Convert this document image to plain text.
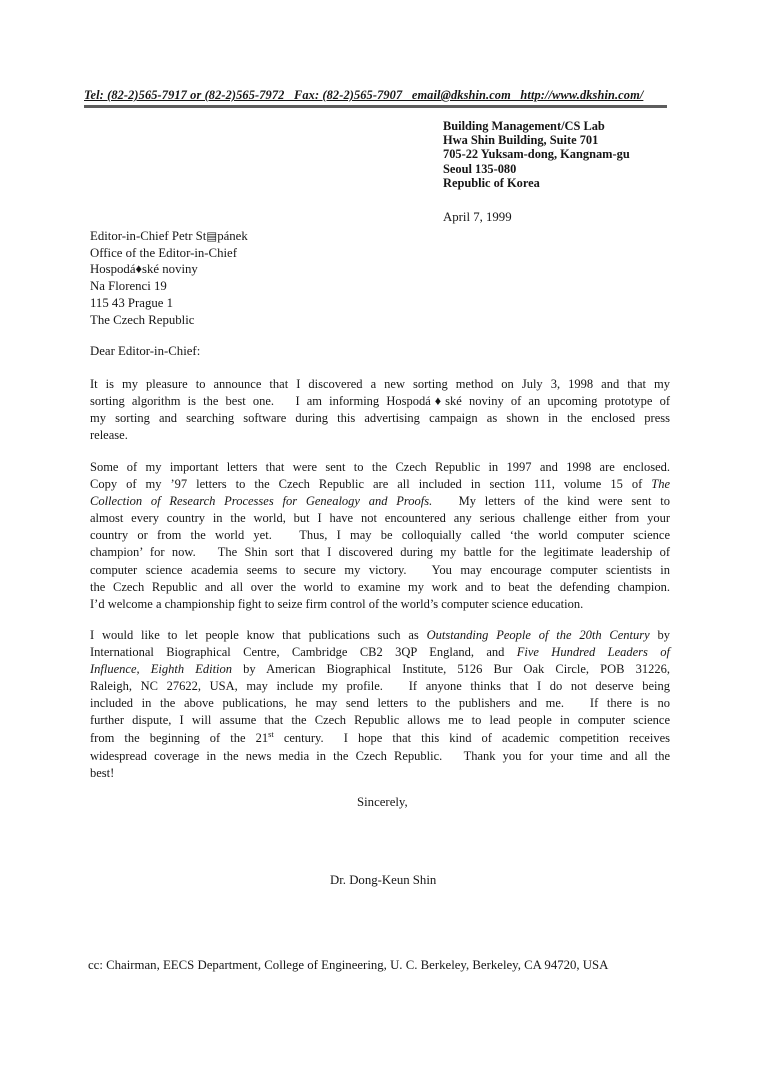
Tel: (82-2)565-7917 or (82-2)565-7972   Fax: (82-2)565-7907   email@dkshin.com   http://www.dkshin.com/
Building Management/CS Lab
Hwa Shin Building, Suite 701
705-22 Yuksam-dong, Kangnam-gu
Seoul 135-080
Republic of Korea
April 7, 1999
Editor-in-Chief Petr St▤pánek
Office of the Editor-in-Chief
Hospodá♦ské noviny
Na Florenci 19
115 43 Prague 1
The Czech Republic
Dear Editor-in-Chief:
It is my pleasure to announce that I discovered a new sorting method on July 3, 1998 and that my
sorting algorithm is the best one.   I am informing Hospodá♦ské noviny of an upcoming prototype of
my sorting and searching software during this advertising campaign as shown in the enclosed press
release.
Some of my important letters that were sent to the Czech Republic in 1997 and 1998 are enclosed.
Copy of my ’97 letters to the Czech Republic are all included in section 111, volume 15 of The
Collection of Research Processes for Genealogy and Proofs.   My letters of the kind were sent to
almost every country in the world, but I have not encountered any serious challenge either from your
country or from the world yet.   Thus, I may be colloquially called ‘the world computer science
champion’ for now.   The Shin sort that I discovered during my battle for the legitimate leadership of
computer science academia seems to secure my victory.   You may encourage computer scientists in
the Czech Republic and all over the world to examine my work and to beat the defending champion.
I’d welcome a championship fight to seize firm control of the world’s computer science education.
I would like to let people know that publications such as Outstanding People of the 20th Century by
International Biographical Centre, Cambridge CB2 3QP England, and Five Hundred Leaders of
Influence, Eighth Edition by American Biographical Institute, 5126 Bur Oak Circle, POB 31226,
Raleigh, NC 27622, USA, may include my profile.   If anyone thinks that I do not deserve being
included in the above publications, he may send letters to the publishers and me.   If there is no
further dispute, I will assume that the Czech Republic allows me to lead people in computer science
from the beginning of the 21st century.  I hope that this kind of academic competition receives
widespread coverage in the news media in the Czech Republic.   Thank you for your time and all the
best!
Sincerely,
Dr. Dong-Keun Shin
cc: Chairman, EECS Department, College of Engineering, U. C. Berkeley, Berkeley, CA 94720, USA
